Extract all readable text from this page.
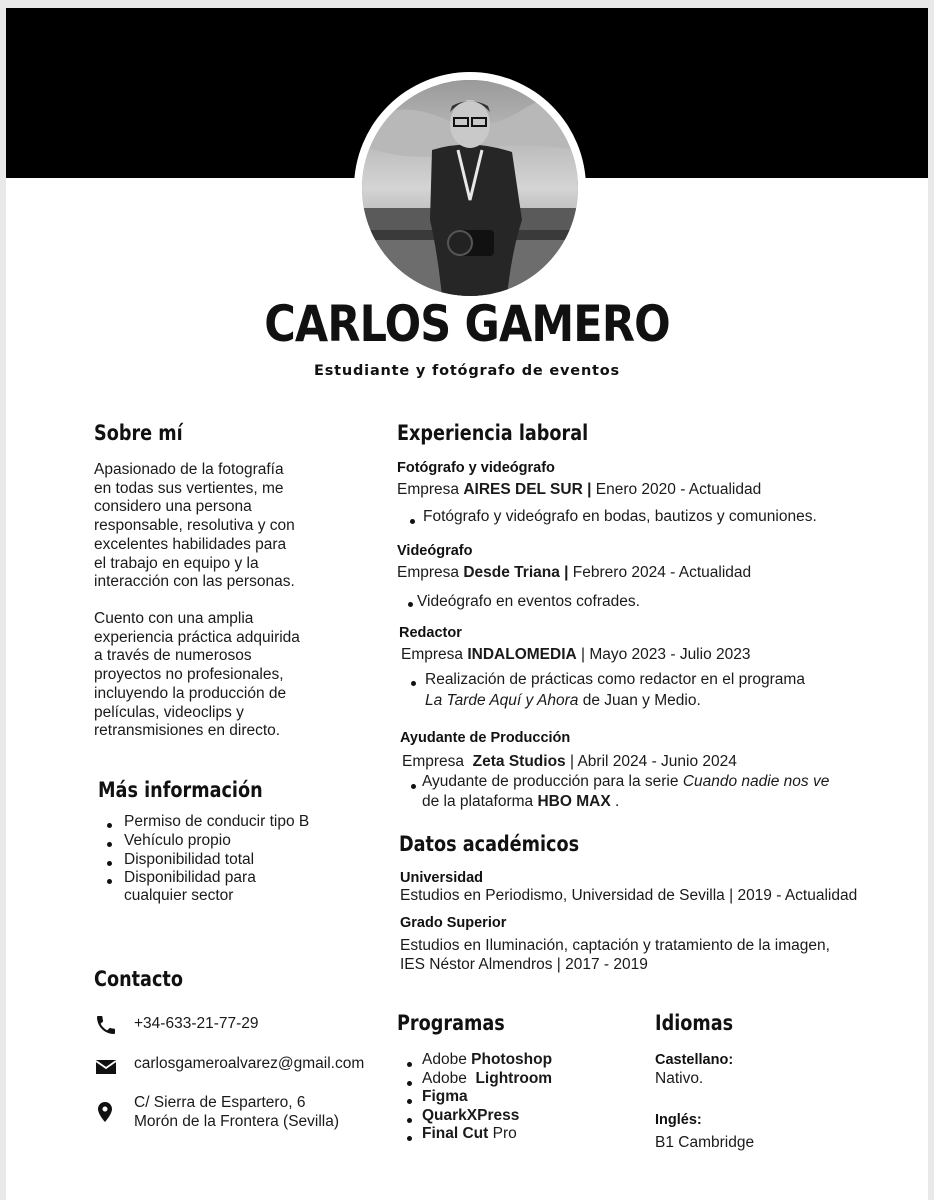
CARLOS GAMERO
Estudiante y fotógrafo de eventos
Sobre mí
Apasionado de la fotografía
en todas sus vertientes, me
considero una persona
responsable, resolutiva y con
excelentes habilidades para
el trabajo en equipo y la
interacción con las personas.
Cuento con una amplia
experiencia práctica adquirida
a través de numerosos
proyectos no profesionales,
incluyendo la producción de
películas, videoclips y
retransmisiones en directo.
Más información
Permiso de conducir tipo B
Vehículo propio
Disponibilidad total
Disponibilidad para
cualquier sector
Contacto
+34-633-21-77-29
carlosgameroalvarez@gmail.com
C/ Sierra de Espartero, 6
Morón de la Frontera (Sevilla)
Experiencia laboral
Fotógrafo y videógrafo
Empresa AIRES DEL SUR | Enero 2020 - Actualidad
Fotógrafo y videógrafo en bodas, bautizos y comuniones.
Videógrafo
Empresa Desde Triana | Febrero 2024 - Actualidad
Videógrafo en eventos cofrades.
Redactor
Empresa INDALOMEDIA | Mayo 2023 - Julio 2023
Realización de prácticas como redactor en el programa
La Tarde Aquí y Ahora de Juan y Medio.
Ayudante de Producción
Empresa Zeta Studios | Abril 2024 - Junio 2024
Ayudante de producción para la serie Cuando nadie nos ve
de la plataforma HBO MAX .
Datos académicos
Universidad
Estudios en Periodismo, Universidad de Sevilla | 2019 - Actualidad
Grado Superior
Estudios en Iluminación, captación y tratamiento de la imagen,
IES Néstor Almendros | 2017 - 2019
Programas
Adobe Photoshop
Adobe Lightroom
Figma
QuarkXPress
Final Cut Pro
Idiomas
Castellano:
Nativo.
Inglés:
B1 Cambridge
